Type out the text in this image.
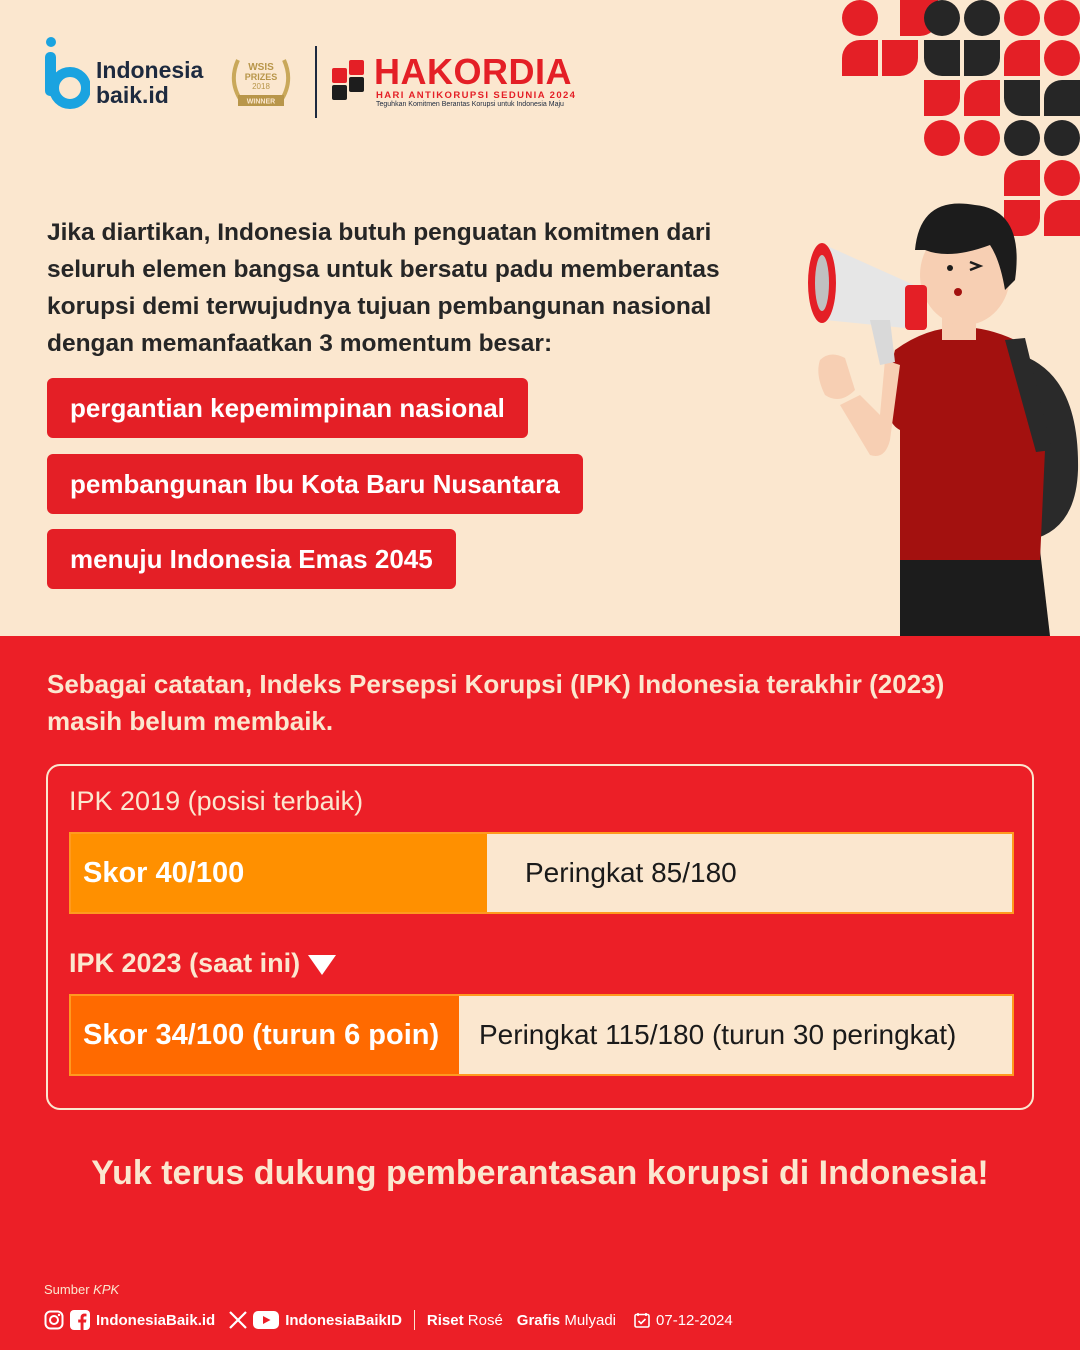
Indonesia
baik.id
WSIS
PRIZES
2018
WINNER
HAKORDIA
HARI ANTIKORUPSI SEDUNIA 2024
Teguhkan Komitmen Berantas Korupsi untuk Indonesia Maju
Jika diartikan, Indonesia butuh penguatan komitmen dari seluruh elemen bangsa untuk bersatu padu memberantas korupsi demi terwujudnya tujuan pembangunan nasional dengan memanfaatkan 3 momentum besar:
pergantian kepemimpinan nasional
pembangunan Ibu Kota Baru Nusantara
menuju Indonesia Emas 2045
Sebagai catatan, Indeks Persepsi Korupsi (IPK) Indonesia terakhir (2023) masih belum membaik.
IPK 2019 (posisi terbaik)
Skor 40/100	Peringkat 85/180
IPK 2023 (saat ini)
Skor 34/100 (turun 6 poin)	Peringkat 115/180 (turun 30 peringkat)
Yuk terus dukung pemberantasan korupsi di Indonesia!
Sumber KPK
IndonesiaBaik.id	IndonesiaBaikID Riset
Rosé Grafis
Mulyadi	07-12-2024
